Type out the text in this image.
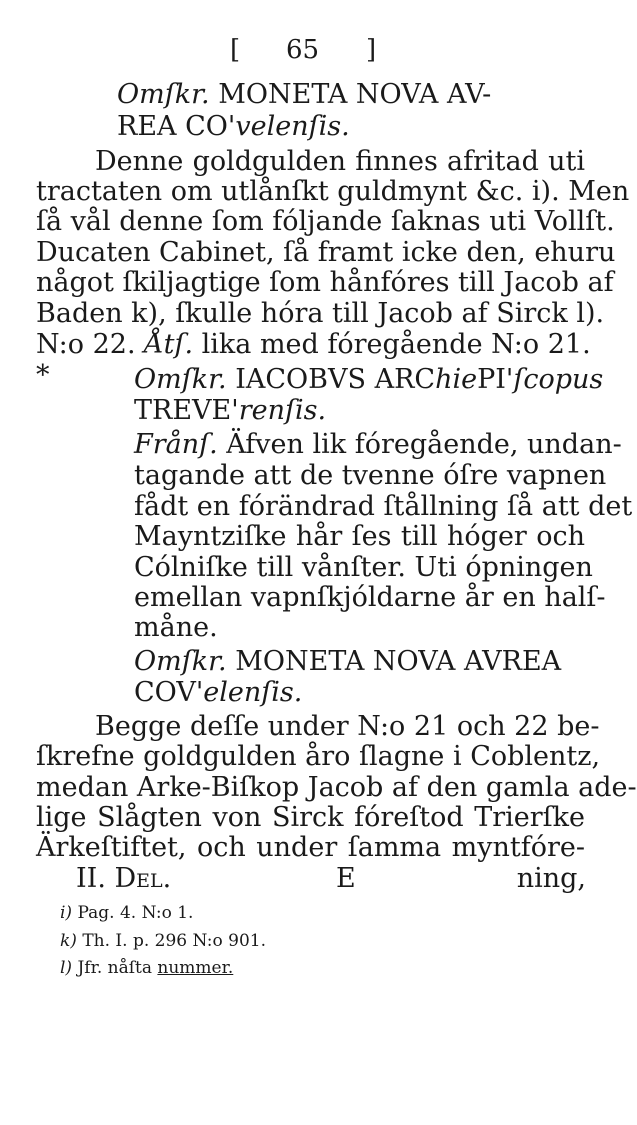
[ 65 ]
Omſkr. MONETA NOVA AV-
REA CO'velenſis.
Denne goldgulden finnes afritad uti
tractaten om utlånſkt guldmynt &c. i). Men
ſå vål denne ſom fóljande ſaknas uti Vollſt.
Ducaten Cabinet, ſå framt icke den, ehuru
något ſkiljagtige ſom hånfóres till Jacob af
Baden k), ſkulle hóra till Jacob af Sirck l).
N:o 22. Åtſ. lika med fóregående N:o 21.
*	Omſkr. IACOBVS ARChiePI'ſcopus
TREVE'renſis.
Frånſ. Äfven lik fóregående, undan-
tagande att de tvenne óſre vapnen
fådt en fórändrad ſtållning ſå att det
Mayntziſke hår ſes till hóger och
Cólniſke till vånſter. Uti ópningen
emellan vapnſkjóldarne år en halſ-
måne.
Omſkr. MONETA NOVA AVREA
COV'elenſis.
Begge deſſe under N:o 21 och 22 be-
ſkrefne goldgulden åro ſlagne i Coblentz,
medan Arke-Biſkop Jacob af den gamla ade-
lige Slågten von Sirck fóreſtod Trierſke
Ärkeſtiftet, och under ſamma myntfóre-
II. Del.	E	ning,
i) Pag. 4. N:o 1.
k) Th. I. p. 296 N:o 901.
l) Jfr. nåſta nummer.
